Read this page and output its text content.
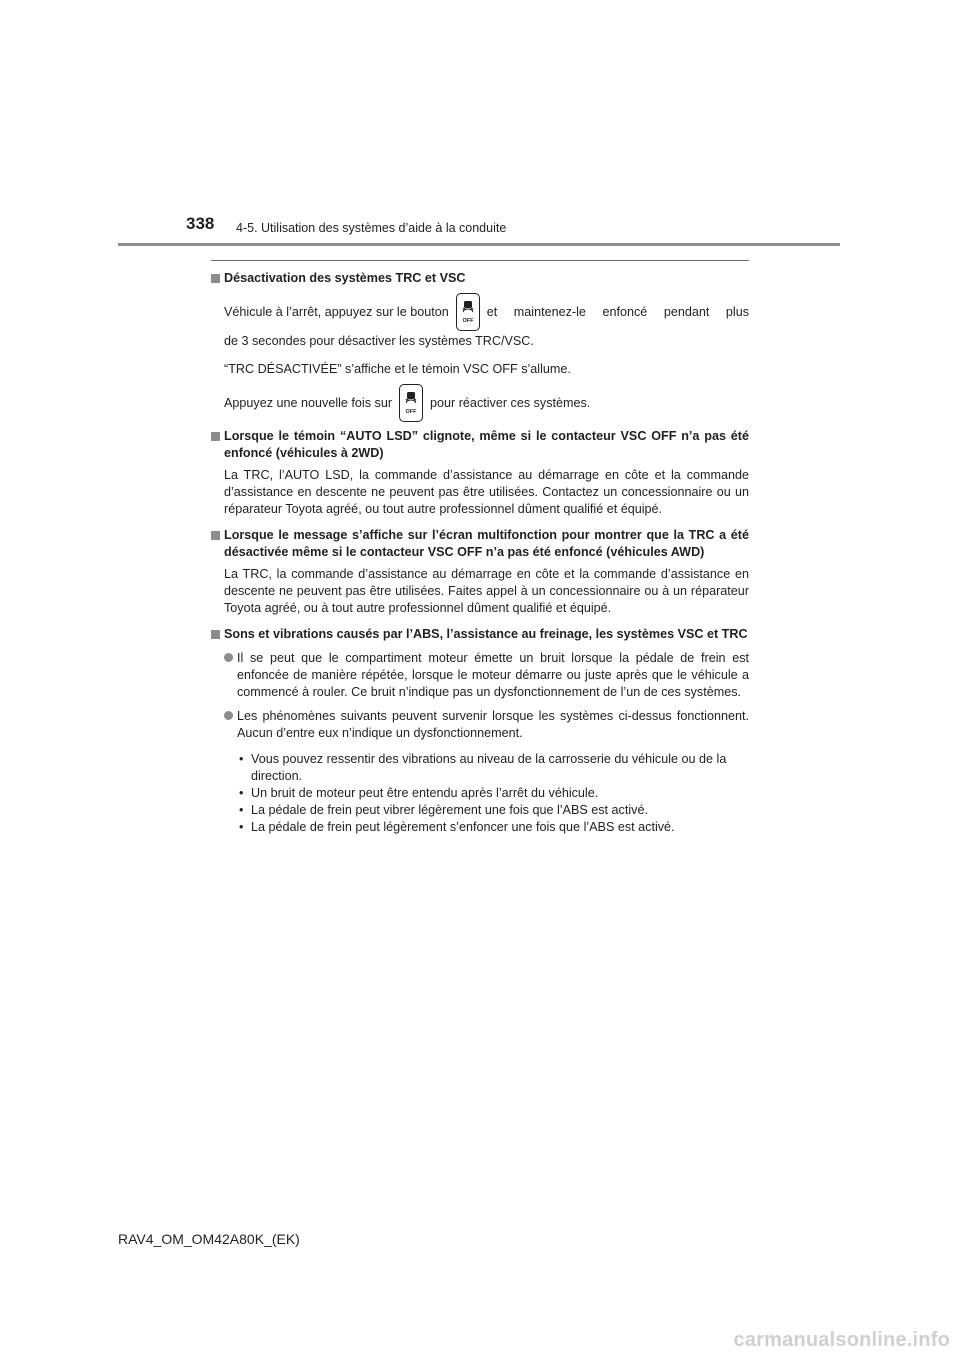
338 4-5. Utilisation des systèmes d’aide à la conduite
Désactivation des systèmes TRC et VSC
Véhicule à l’arrêt, appuyez sur le bouton
OFF
et maintenez-le enfoncé pendant plus
de 3 secondes pour désactiver les systèmes TRC/VSC.
“TRC DÉSACTIVÉE” s’affiche et le témoin VSC OFF s’allume.
Appuyez une nouvelle fois sur
OFF
pour réactiver ces systèmes.
Lorsque le témoin “AUTO LSD” clignote, même si le contacteur VSC OFF n’a pas été enfoncé (véhicules à 2WD)
La TRC, l’AUTO LSD, la commande d’assistance au démarrage en côte et la commande d’assistance en descente ne peuvent pas être utilisées. Contactez un concessionnaire ou un réparateur Toyota agréé, ou tout autre professionnel dûment qualifié et équipé.
Lorsque le message s’affiche sur l’écran multifonction pour montrer que la TRC a été désactivée même si le contacteur VSC OFF n’a pas été enfoncé (véhicules AWD)
La TRC, la commande d’assistance au démarrage en côte et la commande d’assistance en descente ne peuvent pas être utilisées. Faites appel à un concessionnaire ou à un réparateur Toyota agréé, ou à tout autre professionnel dûment qualifié et équipé.
Sons et vibrations causés par l’ABS, l’assistance au freinage, les systèmes VSC et TRC
Il se peut que le compartiment moteur émette un bruit lorsque la pédale de frein est enfoncée de manière répétée, lorsque le moteur démarre ou juste après que le véhicule a commencé à rouler. Ce bruit n’indique pas un dysfonctionnement de l’un de ces systèmes.
Les phénomènes suivants peuvent survenir lorsque les systèmes ci-dessus fonctionnent. Aucun d’entre eux n’indique un dysfonctionnement.
• Vous pouvez ressentir des vibrations au niveau de la carrosserie du véhicule ou de la direction.
• Un bruit de moteur peut être entendu après l’arrêt du véhicule.
• La pédale de frein peut vibrer légèrement une fois que l’ABS est activé.
• La pédale de frein peut légèrement s’enfoncer une fois que l’ABS est activé.
RAV4_OM_OM42A80K_(EK)
carmanualsonline.info
